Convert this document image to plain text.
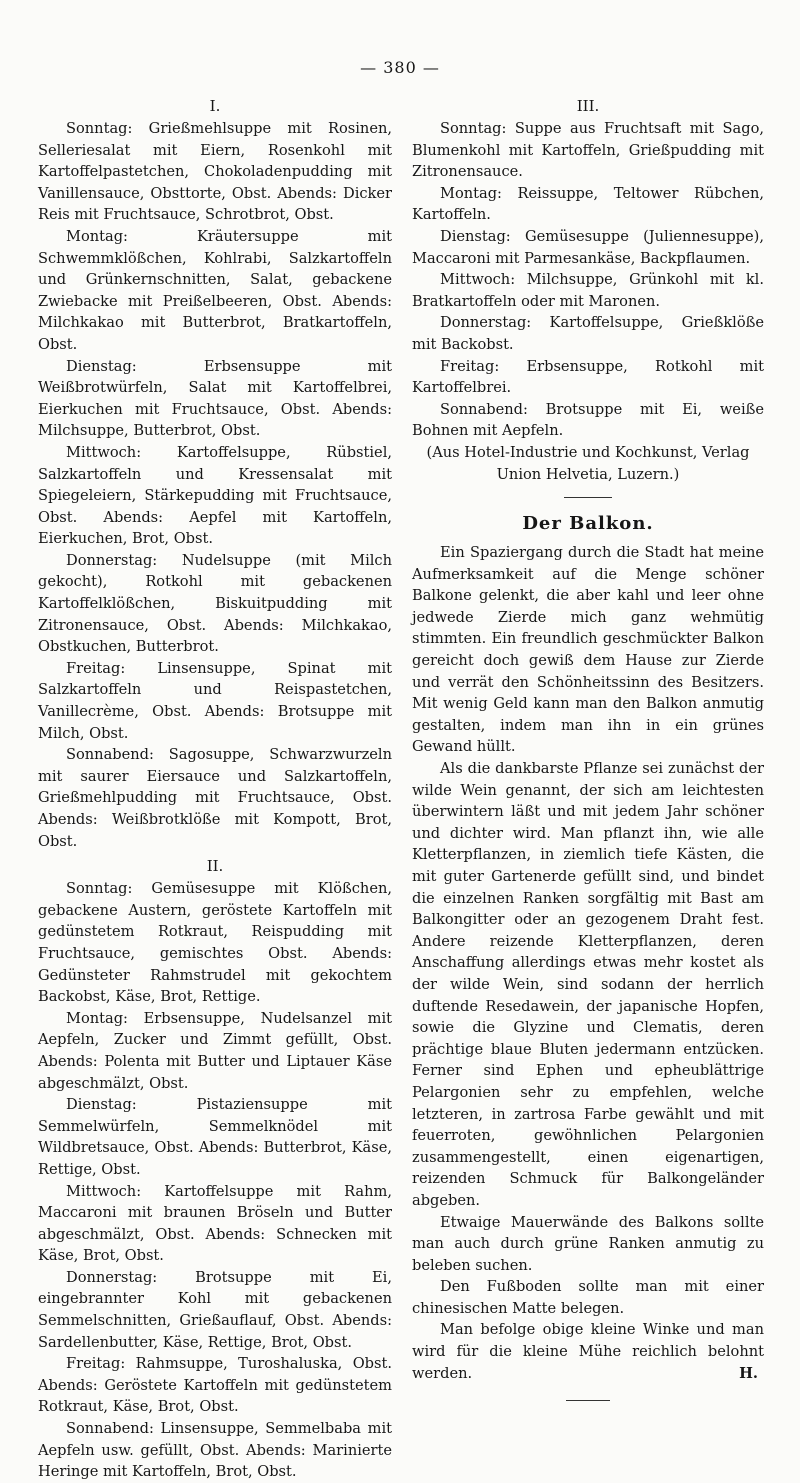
— 380 —
I.

Sonntag: Grießmehlsuppe mit Rosinen, Selleriesalat mit Eiern, Rosenkohl mit Kartoffelpastetchen, Chokoladenpudding mit Vanillensauce, Obsttorte, Obst. Abends: Dicker Reis mit Fruchtsauce, Schrotbrot, Obst.

Montag: Kräutersuppe mit Schwemmklößchen, Kohlrabi, Salzkartoffeln und Grünkernschnitten, Salat, gebackene Zwiebacke mit Preißelbeeren, Obst. Abends: Milchkakao mit Butterbrot, Bratkartoffeln, Obst.

Dienstag: Erbsensuppe mit Weißbrotwürfeln, Salat mit Kartoffelbrei, Eierkuchen mit Fruchtsauce, Obst. Abends: Milchsuppe, Butterbrot, Obst.

Mittwoch: Kartoffelsuppe, Rübstiel, Salzkartoffeln und Kressensalat mit Spiegeleiern, Stärkepudding mit Fruchtsauce, Obst. Abends: Aepfel mit Kartoffeln, Eierkuchen, Brot, Obst.

Donnerstag: Nudelsuppe (mit Milch gekocht), Rotkohl mit gebackenen Kartoffelklößchen, Biskuitpudding mit Zitronensauce, Obst. Abends: Milchkakao, Obstkuchen, Butterbrot.

Freitag: Linsensuppe, Spinat mit Salzkartoffeln und Reispastetchen, Vanillecrème, Obst. Abends: Brotsuppe mit Milch, Obst.

Sonnabend: Sagosuppe, Schwarzwurzeln mit saurer Eiersauce und Salzkartoffeln, Grießmehlpudding mit Fruchtsauce, Obst. Abends: Weißbrotklöße mit Kompott, Brot, Obst.

II.

Sonntag: Gemüsesuppe mit Klößchen, gebackene Austern, geröstete Kartoffeln mit gedünstetem Rotkraut, Reispudding mit Fruchtsauce, gemischtes Obst. Abends: Gedünsteter Rahmstrudel mit gekochtem Backobst, Käse, Brot, Rettige.

Montag: Erbsensuppe, Nudelsanzel mit Aepfeln, Zucker und Zimmt gefüllt, Obst. Abends: Polenta mit Butter und Liptauer Käse abgeschmälzt, Obst.

Dienstag: Pistaziensuppe mit Semmelwürfeln, Semmelknödel mit Wildbretsauce, Obst. Abends: Butterbrot, Käse, Rettige, Obst.

Mittwoch: Kartoffelsuppe mit Rahm, Maccaroni mit braunen Bröseln und Butter abgeschmälzt, Obst. Abends: Schnecken mit Käse, Brot, Obst.

Donnerstag: Brotsuppe mit Ei, eingebrannter Kohl mit gebackenen Semmelschnitten, Grießauflauf, Obst. Abends: Sardellenbutter, Käse, Rettige, Brot, Obst.

Freitag: Rahmsuppe, Turoshaluska, Obst. Abends: Geröstete Kartoffeln mit gedünstetem Rotkraut, Käse, Brot, Obst.

Sonnabend: Linsensuppe, Semmelbaba mit Aepfeln usw. gefüllt, Obst. Abends: Marinierte Heringe mit Kartoffeln, Brot, Obst.

III.

Sonntag: Suppe aus Fruchtsaft mit Sago, Blumenkohl mit Kartoffeln, Grießpudding mit Zitronensauce.

Montag: Reissuppe, Teltower Rübchen, Kartoffeln.

Dienstag: Gemüsesuppe (Juliennesuppe), Maccaroni mit Parmesankäse, Backpflaumen.

Mittwoch: Milchsuppe, Grünkohl mit kl. Bratkartoffeln oder mit Maronen.

Donnerstag: Kartoffelsuppe, Grießklöße mit Backobst.

Freitag: Erbsensuppe, Rotkohl mit Kartoffelbrei.

Sonnabend: Brotsuppe mit Ei, weiße Bohnen mit Aepfeln.

(Aus Hotel-Industrie und Kochkunst, Verlag Union Helvetia, Luzern.)

Der Balkon.

Ein Spaziergang durch die Stadt hat meine Aufmerksamkeit auf die Menge schöner Balkone gelenkt, die aber kahl und leer ohne jedwede Zierde mich ganz wehmütig stimmten. Ein freundlich geschmückter Balkon gereicht doch gewiß dem Hause zur Zierde und verrät den Schönheitssinn des Besitzers. Mit wenig Geld kann man den Balkon anmutig gestalten, indem man ihn in ein grünes Gewand hüllt.

Als die dankbarste Pflanze sei zunächst der wilde Wein genannt, der sich am leichtesten überwintern läßt und mit jedem Jahr schöner und dichter wird. Man pflanzt ihn, wie alle Kletterpflanzen, in ziemlich tiefe Kästen, die mit guter Gartenerde gefüllt sind, und bindet die einzelnen Ranken sorgfältig mit Bast am Balkongitter oder an gezogenem Draht fest. Andere reizende Kletterpflanzen, deren Anschaffung allerdings etwas mehr kostet als der wilde Wein, sind sodann der herrlich duftende Resedawein, der japanische Hopfen, sowie die Glyzine und Clematis, deren prächtige blaue Bluten jedermann entzücken. Ferner sind Ephen und epheublättrige Pelargonien sehr zu empfehlen, welche letzteren, in zartrosa Farbe gewählt und mit feuerroten, gewöhnlichen Pelargonien zusammengestellt, einen eigenartigen, reizenden Schmuck für Balkongeländer abgeben.

Etwaige Mauerwände des Balkons sollte man auch durch grüne Ranken anmutig zu beleben suchen.

Den Fußboden sollte man mit einer chinesischen Matte belegen.

Man befolge obige kleine Winke und man wird für die kleine Mühe reichlich belohnt werden.	H.
